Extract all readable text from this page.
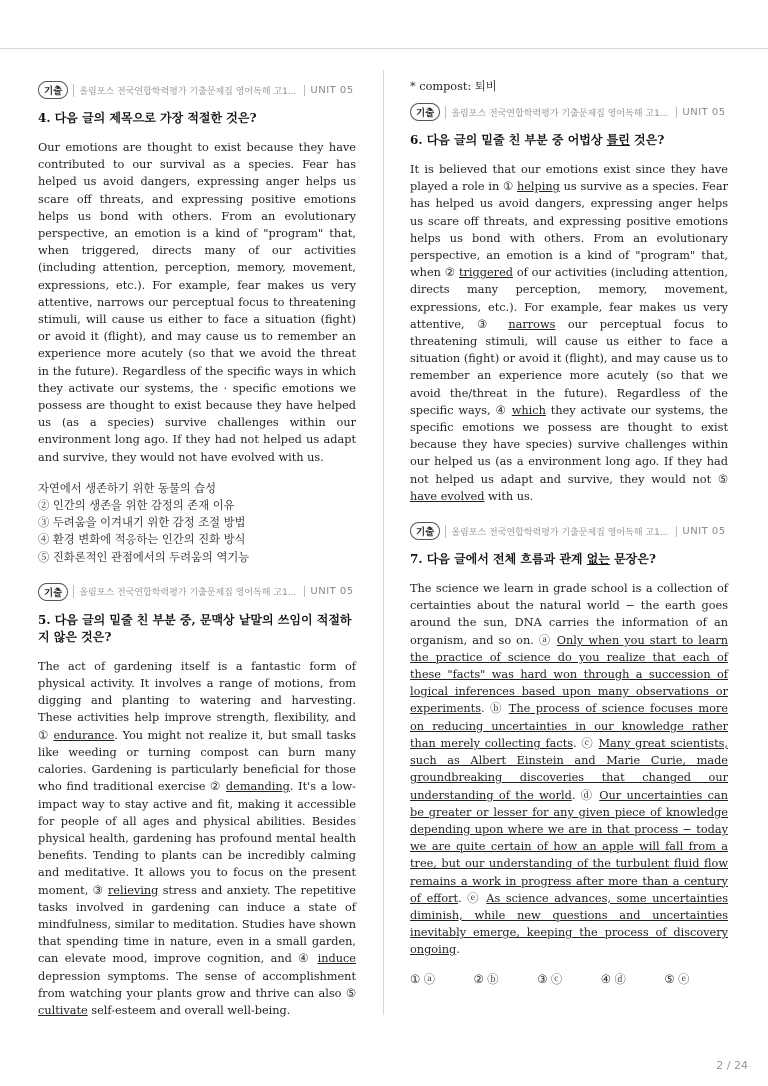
기출	올림포스 전국연합학력평가 기출문제집 영어독해 고1...	UNIT 05
4. 다음 글의 제목으로 가장 적절한 것은?

Our emotions are thought to exist because they have contributed to our survival as a species. Fear has helped us avoid dangers, expressing anger helps us scare off threats, and expressing positive emotions helps us bond with others. From an evolutionary perspective, an emotion is a kind of "program" that, when triggered, directs many of our activities (including attention, perception, memory, movement, expressions, etc.). For example, fear makes us very attentive, narrows our perceptual focus to threatening stimuli, will cause us either to face a situation (fight) or avoid it (flight), and may cause us to remember an experience more acutely (so that we avoid the threat in the future). Regardless of the specific ways in which they activate our systems, the · specific emotions we possess are thought to exist because they have helped us (as a species) survive challenges within our environment long ago. If they had not helped us adapt and survive, they would not have evolved with us.

자연에서 생존하기 위한 동물의 습성
② 인간의 생존을 위한 감정의 존재 이유
③ 두려움을 이겨내기 위한 감정 조절 방법
④ 환경 변화에 적응하는 인간의 진화 방식
⑤ 진화론적인 관점에서의 두려움의 역기능
기출	올림포스 전국연합학력평가 기출문제집 영어독해 고1...	UNIT 05
5. 다음 글의 밑줄 친 부분 중, 문맥상 낱말의 쓰임이 적절하지 않은 것은?

The act of gardening itself is a fantastic form of physical activity. It involves a range of motions, from digging and planting to watering and harvesting. These activities help improve strength, flexibility, and ① endurance. You might not realize it, but small tasks like weeding or turning compost can burn many calories. Gardening is particularly beneficial for those who find traditional exercise ② demanding. It's a low-impact way to stay active and fit, making it accessible for people of all ages and physical abilities. Besides physical health, gardening has profound mental health benefits. Tending to plants can be incredibly calming and meditative. It allows you to focus on the present moment, ③ relieving stress and anxiety. The repetitive tasks involved in gardening can induce a state of mindfulness, similar to meditation. Studies have shown that spending time in nature, even in a small garden, can elevate mood, improve cognition, and ④ induce depression symptoms. The sense of accomplishment from watching your plants grow and thrive can also ⑤ cultivate self-esteem and overall well-being.

* compost: 퇴비
기출	올림포스 전국연합학력평가 기출문제집 영어독해 고1...	UNIT 05
6. 다음 글의 밑줄 친 부분 중 어법상 틀린 것은?

It is believed that our emotions exist since they have played a role in ① helping us survive as a species. Fear has helped us avoid dangers, expressing anger helps us scare off threats, and expressing positive emotions helps us bond with others. From an evolutionary perspective, an emotion is a kind of "program" that, when ② triggered of our activities (including attention, directs many perception, memory, movement, expressions, etc.). For example, fear makes us very attentive, ③ narrows our perceptual focus to threatening stimuli, will cause us either to face a situation (fight) or avoid it (flight), and may cause us to remember an experience more acutely (so that we avoid the/threat in the future). Regardless of the specific ways, ④ which they activate our systems, the specific emotions we possess are thought to exist because they have species) survive challenges within our helped us (as a environment long ago. If they had not helped us adapt and survive, they would not ⑤ have evolved with us.

기출	올림포스 전국연합학력평가 기출문제집 영어독해 고1...	UNIT 05
7. 다음 글에서 전체 흐름과 관계 없는 문장은?

The science we learn in grade school is a collection of certainties about the natural world − the earth goes around the sun, DNA carries the information of an organism, and so on. ⓐ Only when you start to learn the practice of science do you realize that each of these "facts" was hard won through a succession of logical inferences based upon many observations or experiments. ⓑ The process of science focuses more on reducing uncertainties in our knowledge rather than merely collecting facts. ⓒ Many great scientists, such as Albert Einstein and Marie Curie, made groundbreaking discoveries that changed our understanding of the world. ⓓ Our uncertainties can be greater or lesser for any given piece of knowledge depending upon where we are in that process − today we are quite certain of how an apple will fall from a tree, but our understanding of the turbulent fluid flow remains a work in progress after more than a century of effort. ⓔ As science advances, some uncertainties diminish, while new questions and uncertainties inevitably emerge, keeping the process of discovery ongoing.

① ⓐ	② ⓑ	③ ⓒ	④ ⓓ	⑤ ⓔ
2 / 24
